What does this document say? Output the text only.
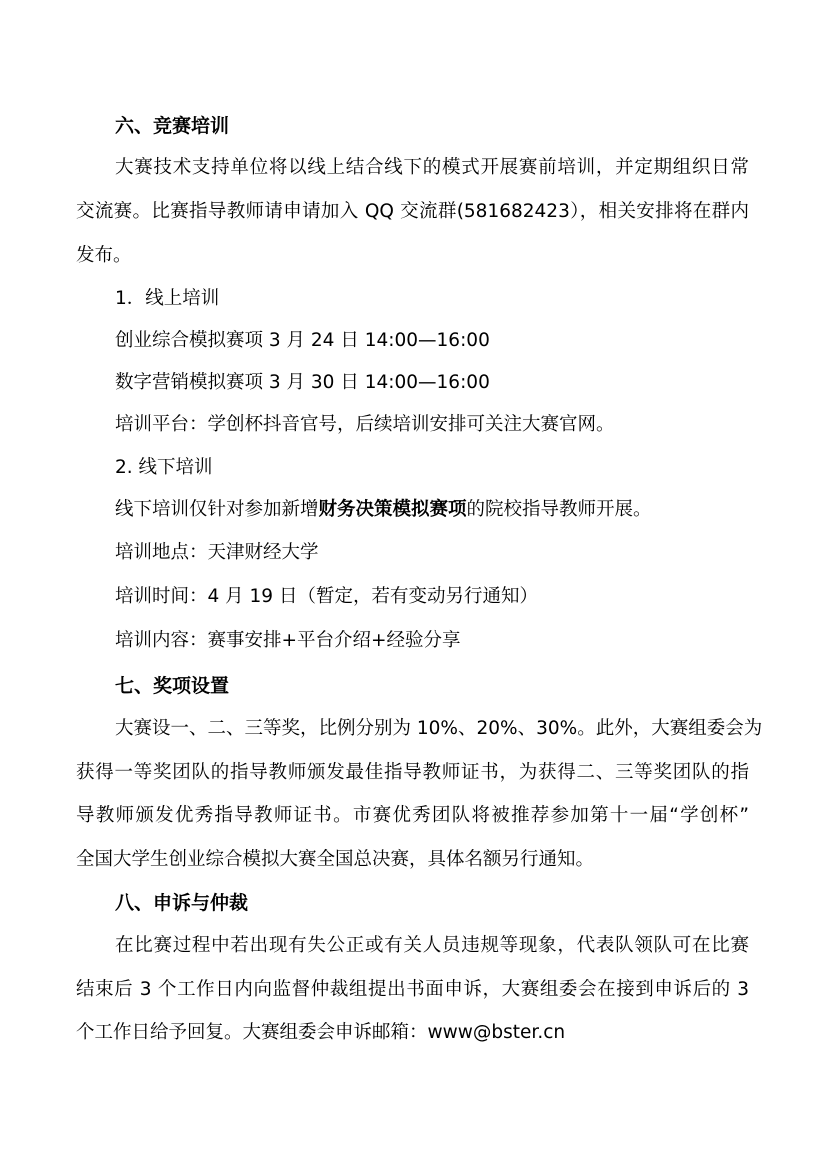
六、竞赛培训
大赛技术支持单位将以线上结合线下的模式开展赛前培训，并定期组织日常
交流赛。比赛指导教师请申请加入 QQ 交流群(581682423），相关安排将在群内
发布。
1．线上培训
创业综合模拟赛项 3 月 24 日 14:00—16:00
数字营销模拟赛项 3 月 30 日 14:00—16:00
培训平台：学创杯抖音官号，后续培训安排可关注大赛官网。
2. 线下培训
线下培训仅针对参加新增财务决策模拟赛项的院校指导教师开展。
培训地点：天津财经大学
培训时间：4 月 19 日（暂定，若有变动另行通知）
培训内容：赛事安排+平台介绍+经验分享
七、奖项设置
大赛设一、二、三等奖，比例分别为 10%、20%、30%。此外，大赛组委会为
获得一等奖团队的指导教师颁发最佳指导教师证书，为获得二、三等奖团队的指
导教师颁发优秀指导教师证书。市赛优秀团队将被推荐参加第十一届“学创杯”
全国大学生创业综合模拟大赛全国总决赛，具体名额另行通知。
八、申诉与仲裁
在比赛过程中若出现有失公正或有关人员违规等现象，代表队领队可在比赛
结束后 3 个工作日内向监督仲裁组提出书面申诉，大赛组委会在接到申诉后的 3
个工作日给予回复。大赛组委会申诉邮箱：www@bster.cn
